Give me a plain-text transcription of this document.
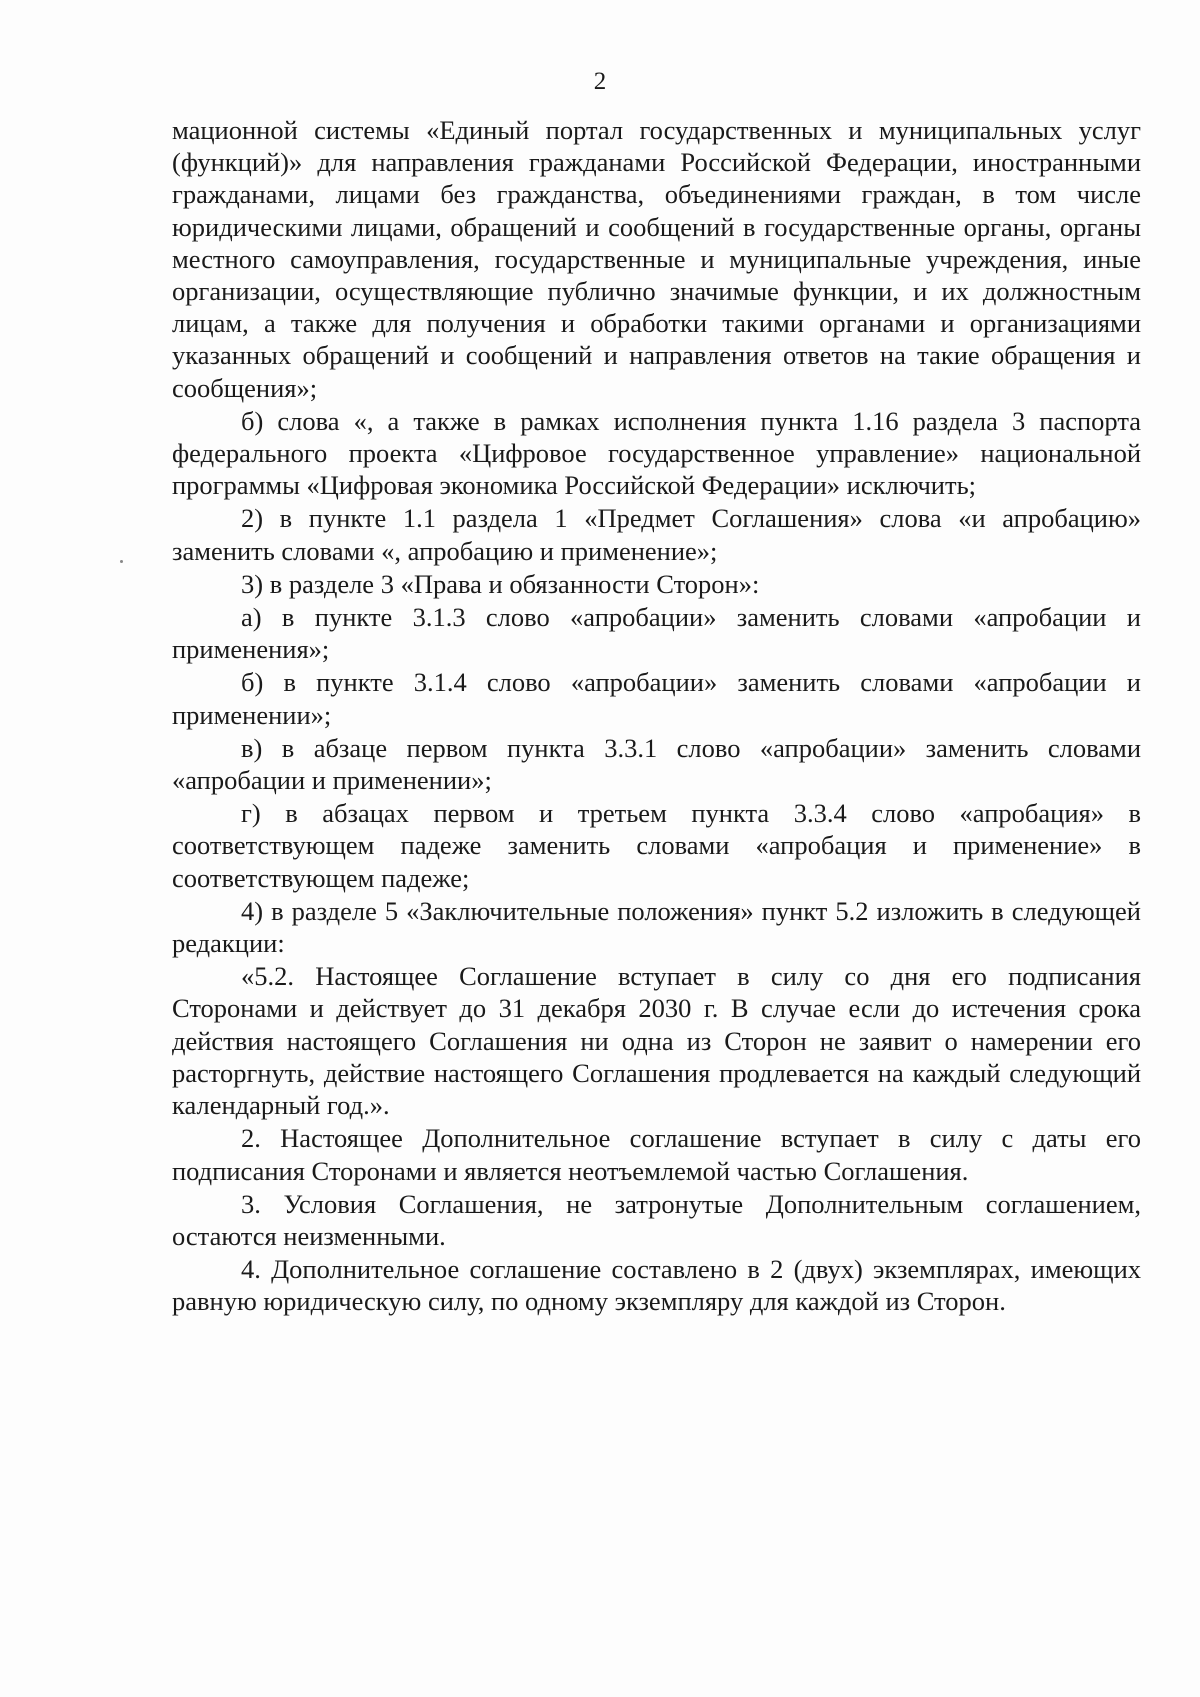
2

мационной системы «Единый портал государственных и муниципальных услуг (функций)» для направления гражданами Российской Федерации, иностранными гражданами, лицами без гражданства, объединениями граждан, в том числе юридическими лицами, обращений и сообщений в государственные органы, органы местного самоуправления, государственные и муниципальные учреждения, иные организации, осуществляющие публично значимые функции, и их должностным лицам, а также для получения и обработки такими органами и организациями указанных обращений и сообщений и направления ответов на такие обращения и сообщения»;

б) слова «, а также в рамках исполнения пункта 1.16 раздела 3 паспорта федерального проекта «Цифровое государственное управление» национальной программы «Цифровая экономика Российской Федерации» исключить;

2) в пункте 1.1 раздела 1 «Предмет Соглашения» слова «и апробацию» заменить словами «, апробацию и применение»;

3) в разделе 3 «Права и обязанности Сторон»:

а) в пункте 3.1.3 слово «апробации» заменить словами «апробации и применения»;

б) в пункте 3.1.4 слово «апробации» заменить словами «апробации и применении»;

в) в абзаце первом пункта 3.3.1 слово «апробации» заменить словами «апробации и применении»;

г) в абзацах первом и третьем пункта 3.3.4 слово «апробация» в соответствующем падеже заменить словами «апробация и применение» в соответствующем падеже;

4) в разделе 5 «Заключительные положения» пункт 5.2 изложить в следующей редакции:

«5.2. Настоящее Соглашение вступает в силу со дня его подписания Сторонами и действует до 31 декабря 2030 г. В случае если до истечения срока действия настоящего Соглашения ни одна из Сторон не заявит о намерении его расторгнуть, действие настоящего Соглашения продлевается на каждый следующий календарный год.».

2. Настоящее Дополнительное соглашение вступает в силу с даты его подписания Сторонами и является неотъемлемой частью Соглашения.

3. Условия Соглашения, не затронутые Дополнительным соглашением, остаются неизменными.

4. Дополнительное соглашение составлено в 2 (двух) экземплярах, имеющих равную юридическую силу, по одному экземпляру для каждой из Сторон.
